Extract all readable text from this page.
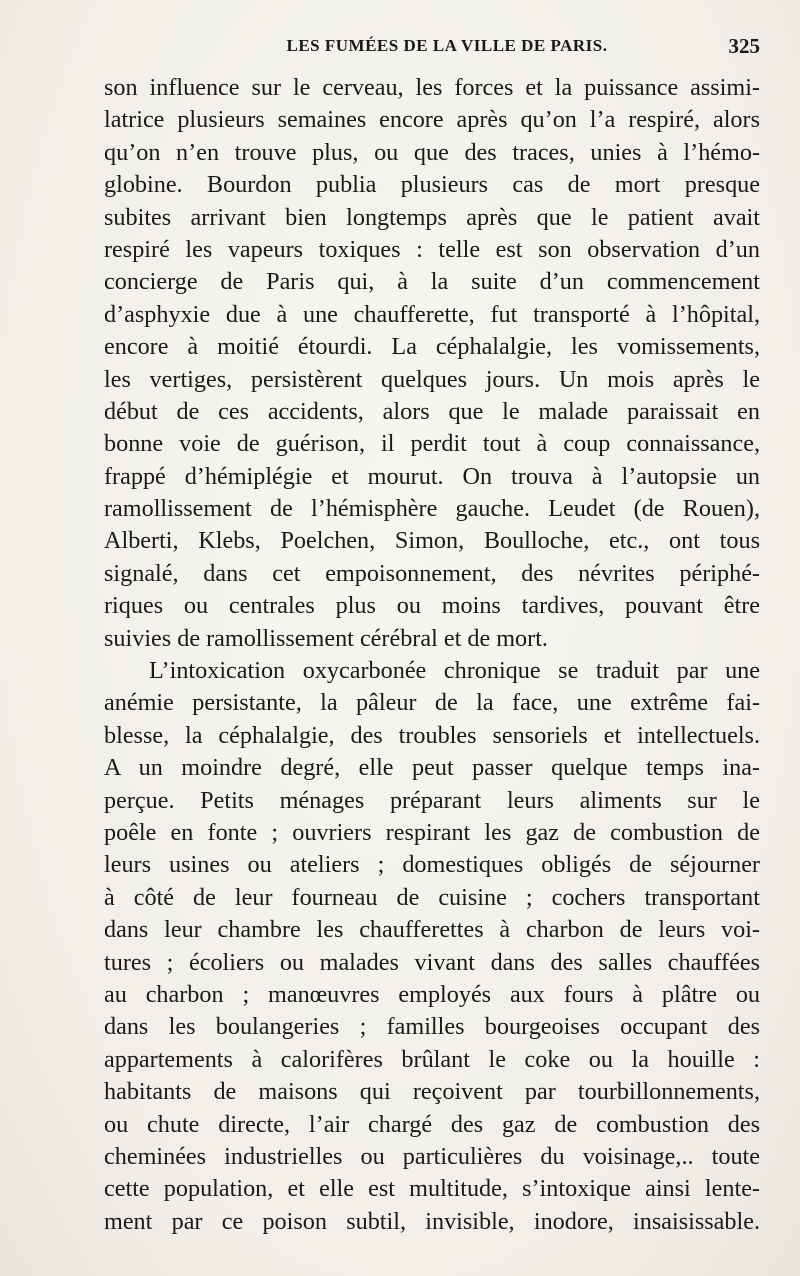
LES FUMÉES DE LA VILLE DE PARIS.	325
son influence sur le cerveau, les forces et la puissance assimi-
latrice plusieurs semaines encore après qu’on l’a respiré, alors
qu’on n’en trouve plus, ou que des traces, unies à l’hémo-
globine. Bourdon publia plusieurs cas de mort presque
subites arrivant bien longtemps après que le patient avait
respiré les vapeurs toxiques : telle est son observation d’un
concierge de Paris qui, à la suite d’un commencement
d’asphyxie due à une chaufferette, fut transporté à l’hôpital,
encore à moitié étourdi. La céphalalgie, les vomissements,
les vertiges, persistèrent quelques jours. Un mois après le
début de ces accidents, alors que le malade paraissait en
bonne voie de guérison, il perdit tout à coup connaissance,
frappé d’hémiplégie et mourut. On trouva à l’autopsie un
ramollissement de l’hémisphère gauche. Leudet (de Rouen),
Alberti, Klebs, Poelchen, Simon, Boulloche, etc., ont tous
signalé, dans cet empoisonnement, des névrites périphé-
riques ou centrales plus ou moins tardives, pouvant être
suivies de ramollissement cérébral et de mort.
L’intoxication oxycarbonée chronique se traduit par une
anémie persistante, la pâleur de la face, une extrême fai-
blesse, la céphalalgie, des troubles sensoriels et intellectuels.
A un moindre degré, elle peut passer quelque temps ina-
perçue. Petits ménages préparant leurs aliments sur le
poêle en fonte ; ouvriers respirant les gaz de combustion de
leurs usines ou ateliers ; domestiques obligés de séjourner
à côté de leur fourneau de cuisine ; cochers transportant
dans leur chambre les chaufferettes à charbon de leurs voi-
tures ; écoliers ou malades vivant dans des salles chauffées
au charbon ; manœuvres employés aux fours à plâtre ou
dans les boulangeries ; familles bourgeoises occupant des
appartements à calorifères brûlant le coke ou la houille :
habitants de maisons qui reçoivent par tourbillonnements,
ou chute directe, l’air chargé des gaz de combustion des
cheminées industrielles ou particulières du voisinage,.. toute
cette population, et elle est multitude, s’intoxique ainsi lente-
ment par ce poison subtil, invisible, inodore, insaisissable.
